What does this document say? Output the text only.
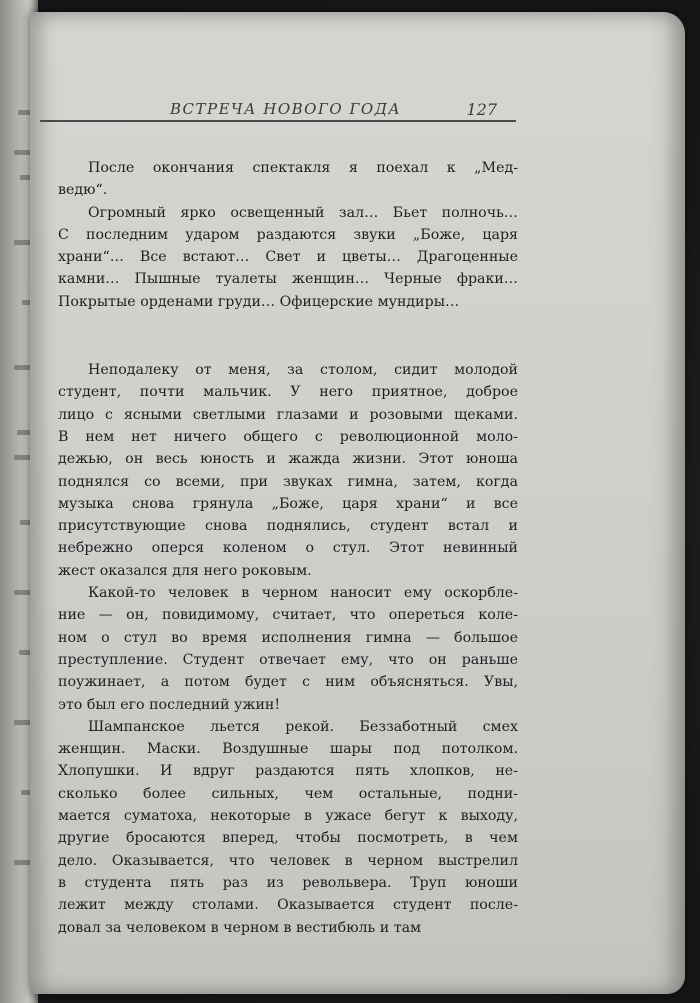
ВСТРЕЧА НОВОГО ГОДА	127
После окончания спектакля я поехал к „Мед-
ведю“.
Огромный ярко освещенный зал… Бьет полночь…
С последним ударом раздаются звуки „Боже, царя
храни“… Все встают… Свет и цветы… Драгоценные
камни… Пышные туалеты женщин… Черные фраки…
Покрытые орденами груди… Офицерские мундиры…
Неподалеку от меня, за столом, сидит молодой
студент, почти мальчик. У него приятное, доброе
лицо с ясными светлыми глазами и розовыми щеками.
В нем нет ничего общего с революционной моло-
дежью, он весь юность и жажда жизни. Этот юноша
поднялся со всеми, при звуках гимна, затем, когда
музыка снова грянула „Боже, царя храни“ и все
присутствующие снова поднялись, студент встал и
небрежно оперся коленом о стул. Этот невинный
жест оказался для него роковым.
Какой-то человек в черном наносит ему оскорбле-
ние — он, повидимому, считает, что опереться коле-
ном о стул во время исполнения гимна — большое
преступление. Студент отвечает ему, что он раньше
поужинает, а потом будет с ним объясняться. Увы,
это был его последний ужин!
Шампанское льется рекой. Беззаботный смех
женщин. Маски. Воздушные шары под потолком.
Хлопушки. И вдруг раздаются пять хлопков, не-
сколько более сильных, чем остальные, подни-
мается суматоха, некоторые в ужасе бегут к выходу,
другие бросаются вперед, чтобы посмотреть, в чем
дело. Оказывается, что человек в черном выстрелил
в студента пять раз из револьвера. Труп юноши
лежит между столами. Оказывается студент после-
довал за человеком в черном в вестибюль и там
